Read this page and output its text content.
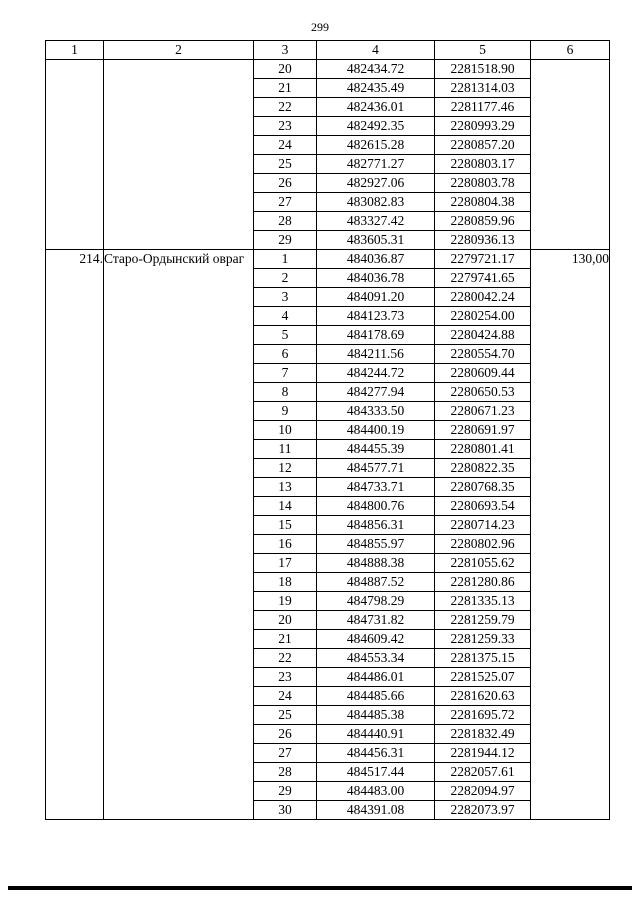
299
1	2	3	4	5	6
		20	482434.72	2281518.90	
		21	482435.49	2281314.03	
		22	482436.01	2281177.46	
		23	482492.35	2280993.29	
		24	482615.28	2280857.20	
		25	482771.27	2280803.17	
		26	482927.06	2280803.78	
		27	483082.83	2280804.38	
		28	483327.42	2280859.96	
		29	483605.31	2280936.13	
214.	Старо-Ордынский овраг	1	484036.87	2279721.17	130,00
		2	484036.78	2279741.65	
		3	484091.20	2280042.24	
		4	484123.73	2280254.00	
		5	484178.69	2280424.88	
		6	484211.56	2280554.70	
		7	484244.72	2280609.44	
		8	484277.94	2280650.53	
		9	484333.50	2280671.23	
		10	484400.19	2280691.97	
		11	484455.39	2280801.41	
		12	484577.71	2280822.35	
		13	484733.71	2280768.35	
		14	484800.76	2280693.54	
		15	484856.31	2280714.23	
		16	484855.97	2280802.96	
		17	484888.38	2281055.62	
		18	484887.52	2281280.86	
		19	484798.29	2281335.13	
		20	484731.82	2281259.79	
		21	484609.42	2281259.33	
		22	484553.34	2281375.15	
		23	484486.01	2281525.07	
		24	484485.66	2281620.63	
		25	484485.38	2281695.72	
		26	484440.91	2281832.49	
		27	484456.31	2281944.12	
		28	484517.44	2282057.61	
		29	484483.00	2282094.97	
		30	484391.08	2282073.97	
